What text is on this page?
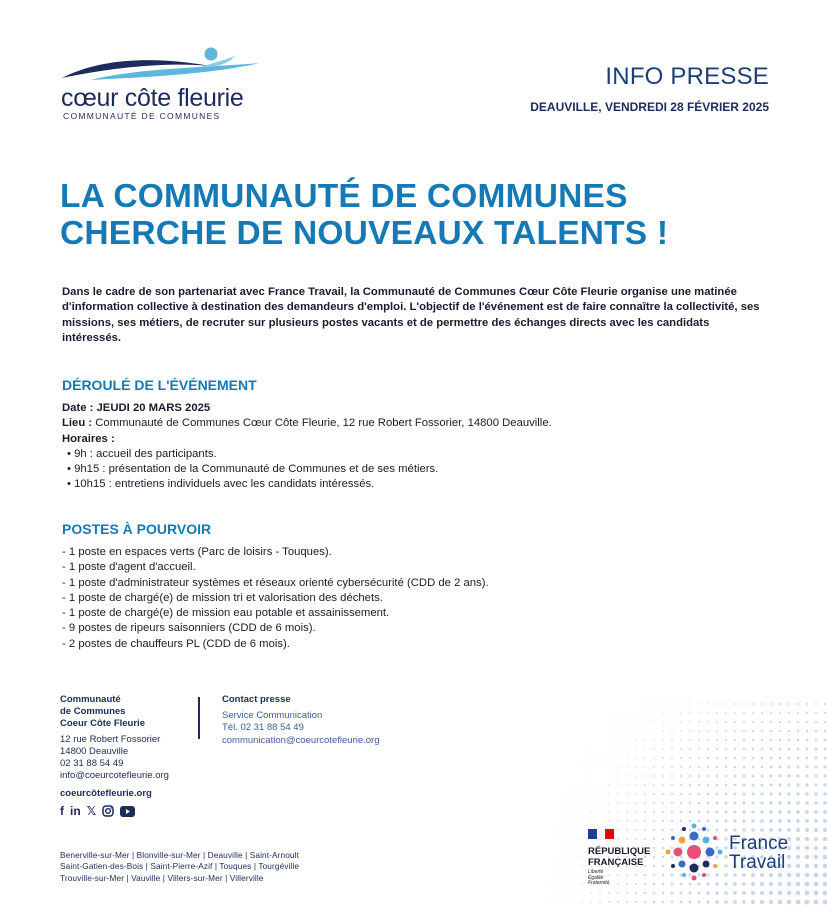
cœur côte fleurie
COMMUNAUTÉ DE COMMUNES
INFO PRESSE
DEAUVILLE, VENDREDI 28 FÉVRIER 2025
LA COMMUNAUTÉ DE COMMUNES
CHERCHE DE NOUVEAUX TALENTS !
Dans le cadre de son partenariat avec France Travail, la Communauté de Communes Cœur Côte Fleurie organise une matinée d'information collective à destination des demandeurs d'emploi. L'objectif de l'événement est de faire connaître la collectivité, ses missions, ses métiers, de recruter sur plusieurs postes vacants et de permettre des échanges directs avec les candidats intéressés.
DÉROULÉ DE L'ÉVÉNEMENT
Date : JEUDI 20 MARS 2025
Lieu : Communauté de Communes Cœur Côte Fleurie, 12 rue Robert Fossorier, 14800 Deauville.
Horaires :
• 9h : accueil des participants.
• 9h15 : présentation de la Communauté de Communes et de ses métiers.
• 10h15 : entretiens individuels avec les candidats intéressés.
POSTES À POURVOIR
- 1 poste en espaces verts (Parc de loisirs - Touques).
- 1 poste d'agent d'accueil.
- 1 poste d'administrateur systèmes et réseaux orienté cybersécurité (CDD de 2 ans).
- 1 poste de chargé(e) de mission tri et valorisation des déchets.
- 1 poste de chargé(e) de mission eau potable et assainissement.
- 9 postes de ripeurs saisonniers (CDD de 6 mois).
- 2 postes de chauffeurs PL (CDD de 6 mois).
Communauté
de Communes
Coeur Côte Fleurie
12 rue Robert Fossorier
14800 Deauville
02 31 88 54 49
info@coeurcotefleurie.org
Contact presse
Service Communication
Tél. 02 31 88 54 49
communication@coeurcotefleurie.org
coeurcôtefleurie.org
f in 𝕏
Benerville-sur-Mer | Blonville-sur-Mer | Deauville | Saint-Arnoult
Saint-Gatien-des-Bois | Saint-Pierre-Azif | Touques | Tourgéville
Trouville-sur-Mer | Vauville | Villers-sur-Mer | Villerville
RÉPUBLIQUE
FRANÇAISE
Liberté
Égalité
Fraternité
France
Travail
